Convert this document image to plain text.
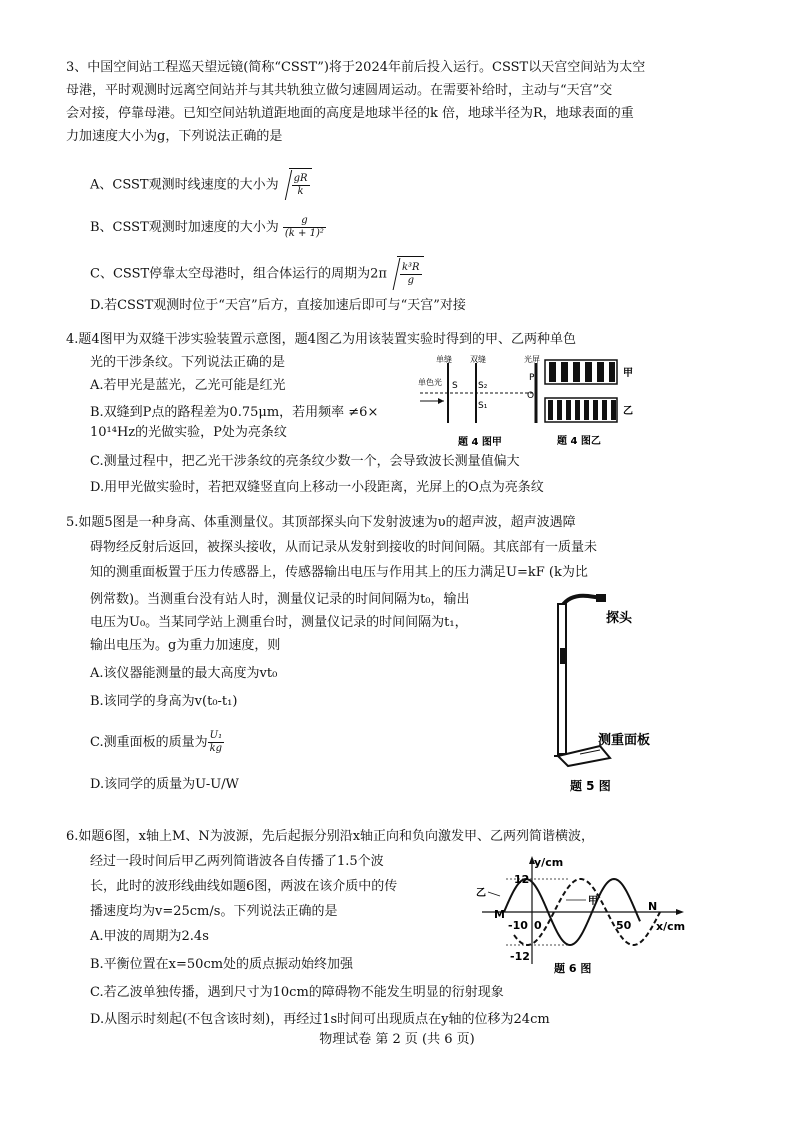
3、中国空间站工程巡天望远镜(简称“CSST”)将于2024年前后投入运行。CSST以天宫空间站为太空
母港，平时观测时远离空间站并与其共轨独立做匀速圆周运动。在需要补给时，主动与“天宫”交
会对接，停靠母港。已知空间站轨道距地面的高度是地球半径的k 倍，地球半径为R，地球表面的重
力加速度大小为g，下列说法正确的是
A、CSST观测时线速度的大小为 $\frac{gR}{k}$
B、CSST观测时加速度的大小为 $\frac{g}{\text{(k + 1)²}}$
C、CSST停靠太空母港时，组合体运行的周期为$2\pi \frac{\text{k³R}}{g}$
D.若CSST观测时位于“天宫”后方，直接加速后即可与“天宫”对接
4.题4图甲为双缝干涉实验装置示意图，题4图乙为用该装置实验时得到的甲、乙两种单色
光的干涉条纹。下列说法正确的是
A.若甲光是蓝光，乙光可能是红光
B.双缝到P点的路程差为0.75μm，若用频率 ≠6×
10¹⁴Hz的光做实验，P处为亮条纹
C.测量过程中，把乙光干涉条纹的亮条纹少数一个，会导致波长测量值偏大
D.用甲光做实验时，若把双缝竖直向上移动一小段距离，光屏上的O点为亮条纹
S S₂
S₁
P
O
单缝 双缝	光屏
单色光
题 4 图甲
甲
乙
题 4 图乙
5.如题5图是一种身高、体重测量仪。其顶部探头向下发射波速为υ的超声波，超声波遇障
碍物经反射后返回，被探头接收，从而记录从发射到接收的时间间隔。其底部有一质量未
知的测重面板置于压力传感器上，传感器输出电压与作用其上的压力满足U=kF (k为比
例常数)。当测重台没有站人时，测量仪记录的时间间隔为t₀，输出
电压为U₀。当某同学站上测重台时，测量仪记录的时间间隔为t₁，
输出电压为。g为重力加速度，则
A.该仪器能测量的最大高度为vt₀
B.该同学的身高为v(t₀-t₁)
C.测重面板的质量为 $\frac{\text{U₁}}{kg}$
D.该同学的质量为U-U/W
探头
测重面板
题 5 图
6.如题6图，x轴上M、N为波源，先后起振分别沿x轴正向和负向激发甲、乙两列简谐横波，
经过一段时间后甲乙两列简谐波各自传播了1.5个波
长，此时的波形线曲线如题6图，两波在该介质中的传
播速度均为v=25cm/s。下列说法正确的是
A.甲波的周期为2.4s
B.平衡位置在x=50cm处的质点振动始终加强
C.若乙波单独传播，遇到尺寸为10cm的障碍物不能发生明显的衍射现象
D.从图示时刻起(不包含该时刻)，再经过1s时间可出现质点在y轴的位移为24cm
y/cm
x/cm
12
-12
-10 0	50
M
N
乙
甲
题 6 图
物理试卷 第 2 页 (共 6 页)
